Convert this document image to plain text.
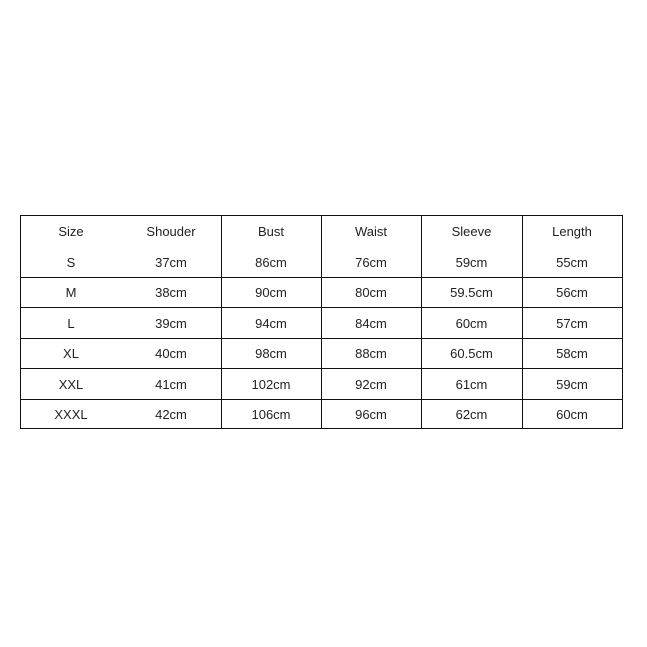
Size	Shouder	Bust	Waist	Sleeve	Length
S	37cm	86cm	76cm	59cm	55cm
M	38cm	90cm	80cm	59.5cm	56cm
L	39cm	94cm	84cm	60cm	57cm
XL	40cm	98cm	88cm	60.5cm	58cm
XXL	41cm	102cm	92cm	61cm	59cm
XXXL	42cm	106cm	96cm	62cm	60cm
